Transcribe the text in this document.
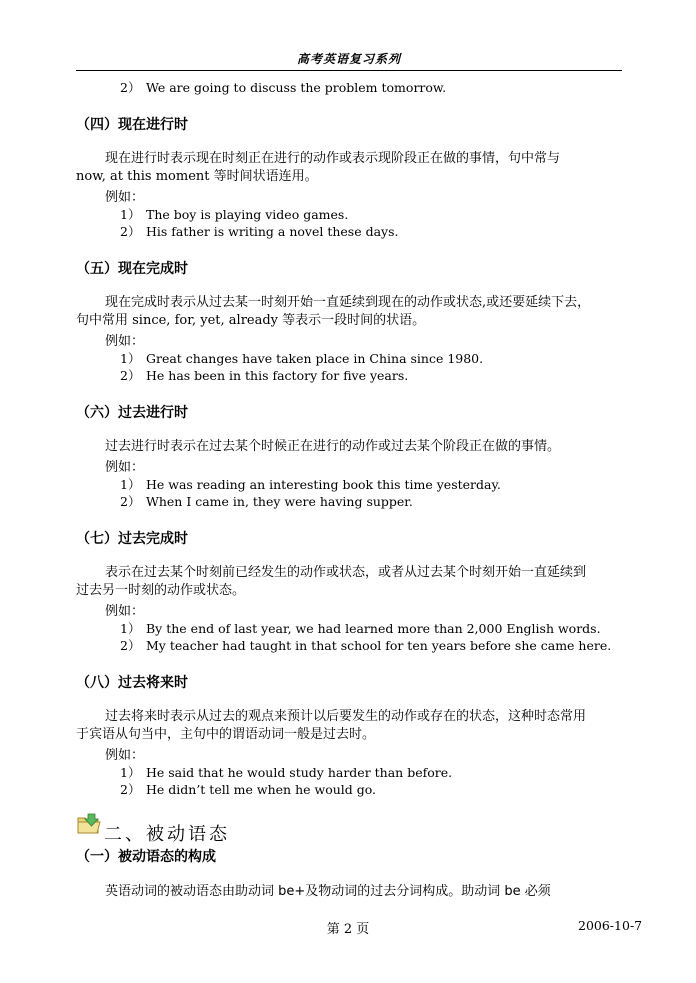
高考英语复习系列
2） We are going to discuss the problem tomorrow.
（四）现在进行时
现在进行时表示现在时刻正在进行的动作或表示现阶段正在做的事情，句中常与
now, at this moment 等时间状语连用。
例如：
1） The boy is playing video games.
2） His father is writing a novel these days.
（五）现在完成时
现在完成时表示从过去某一时刻开始一直延续到现在的动作或状态,或还要延续下去，
句中常用 since, for, yet, already 等表示一段时间的状语。
例如：
1） Great changes have taken place in China since 1980.
2） He has been in this factory for five years.
（六）过去进行时
过去进行时表示在过去某个时候正在进行的动作或过去某个阶段正在做的事情。
例如：
1） He was reading an interesting book this time yesterday.
2） When I came in, they were having supper.
（七）过去完成时
表示在过去某个时刻前已经发生的动作或状态，或者从过去某个时刻开始一直延续到
过去另一时刻的动作或状态。
例如：
1） By the end of last year, we had learned more than 2,000 English words.
2） My teacher had taught in that school for ten years before she came here.
（八）过去将来时
过去将来时表示从过去的观点来预计以后要发生的动作或存在的状态，这种时态常用
于宾语从句当中，主句中的谓语动词一般是过去时。
例如：
1） He said that he would study harder than before.
2） He didn’t tell me when he would go.
二、被动语态
（一）被动语态的构成
英语动词的被动语态由助动词 be+及物动词的过去分词构成。助动词 be 必须
第 2 页	2006-10-7
